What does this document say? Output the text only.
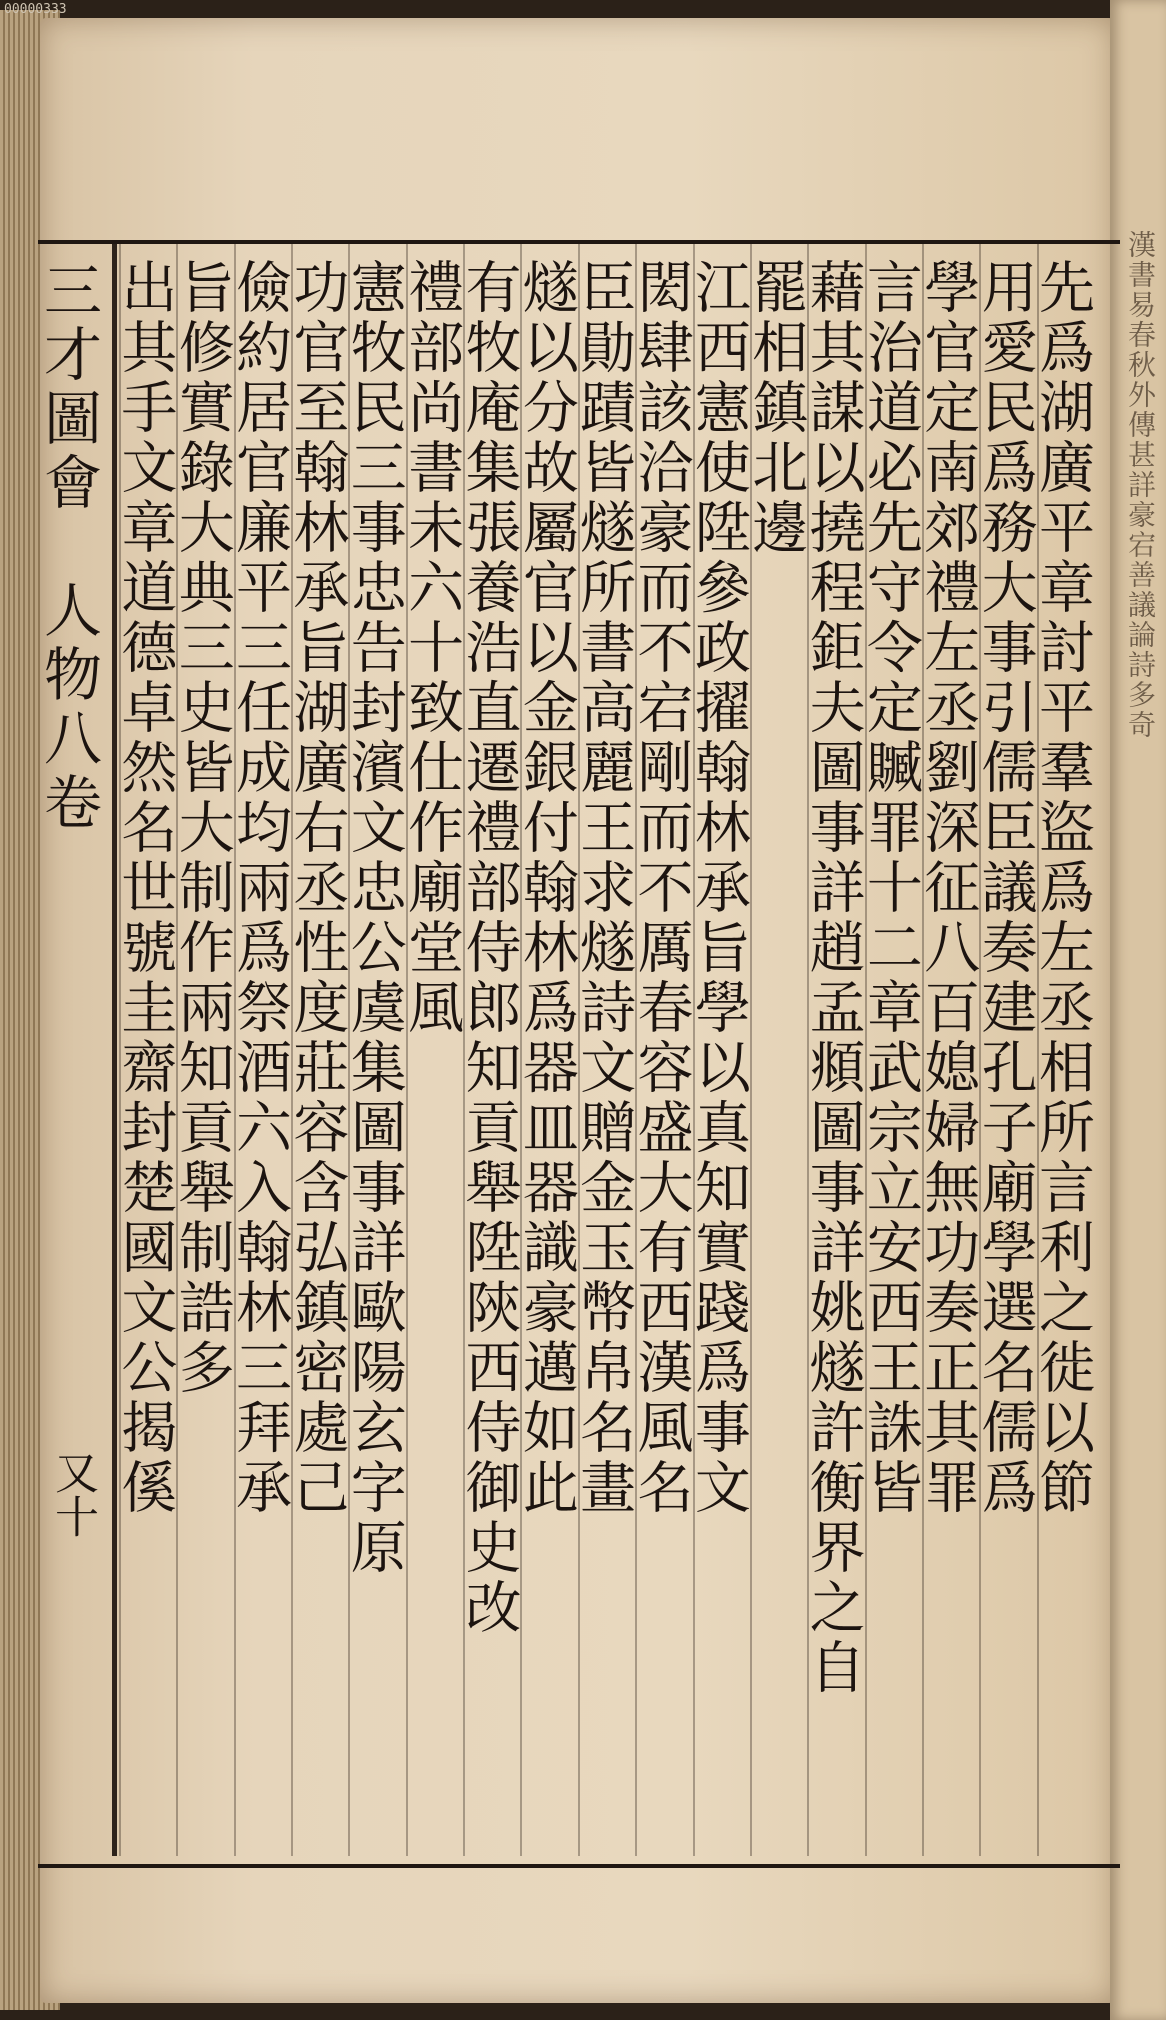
漢書易春秋外傳甚詳豪宕善議論詩多奇
00000333
三才圖會　人物八卷
又十	先爲湖廣平章討平羣盜爲左丞相所言利之徙以節
用愛民爲務大事引儒臣議奏建孔子廟學選名儒爲
學官定南郊禮左丞劉深征八百媳婦無功奏正其罪
言治道必先守令定贓罪十二章武宗立安西王誅皆
藉其謀以撓程鉅夫圖事詳趙孟頫圖事詳姚燧許衡界之自
罷相鎮北邊
江西憲使陞參政擢翰林承旨學以真知實踐爲事文
閎肆該洽豪而不宕剛而不厲春容盛大有西漢風名
臣勛蹟皆燧所書高麗王求燧詩文贈金玉幣帛名畫
燧以分故屬官以金銀付翰林爲器皿器識豪邁如此
有牧庵集張養浩直遷禮部侍郎知貢舉陞陝西侍御史改
禮部尚書未六十致仕作廟堂風
憲牧民三事忠告封濱文忠公虞集圖事詳歐陽玄字原
功官至翰林承旨湖廣右丞性度莊容含弘鎮密處己
儉約居官廉平三任成均兩爲祭酒六入翰林三拜承
旨修實錄大典三史皆大制作兩知貢舉制誥多
出其手文章道德卓然名世號圭齋封楚國文公揭傒
